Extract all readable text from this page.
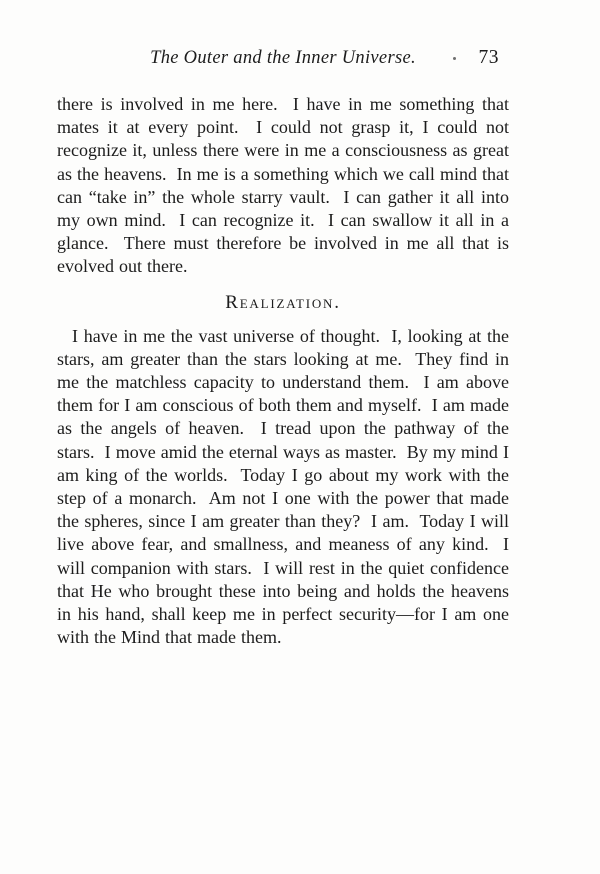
The Outer and the Inner Universe.	73

there is involved in me here.  I have in me something that mates it at every point.  I could not grasp it, I could not recognize it, unless there were in me a consciousness as great as the heavens.  In me is a something which we call mind that can “take in” the whole starry vault.  I can gather it all into my own mind.  I can recognize it.  I can swallow it all in a glance.  There must therefore be involved in me all that is evolved out there.

Realization.

I have in me the vast universe of thought.  I, looking at the stars, am greater than the stars looking at me.  They find in me the matchless capacity to understand them.  I am above them for I am conscious of both them and myself.  I am made as the angels of heaven.  I tread upon the pathway of the stars.  I move amid the eternal ways as master.  By my mind I am king of the worlds.  Today I go about my work with the step of a monarch.  Am not I one with the power that made the spheres, since I am greater than they?  I am.  Today I will live above fear, and smallness, and meaness of any kind.  I will companion with stars.  I will rest in the quiet confidence that He who brought these into being and holds the heavens in his hand, shall keep me in perfect security—for I am one with the Mind that made them.
